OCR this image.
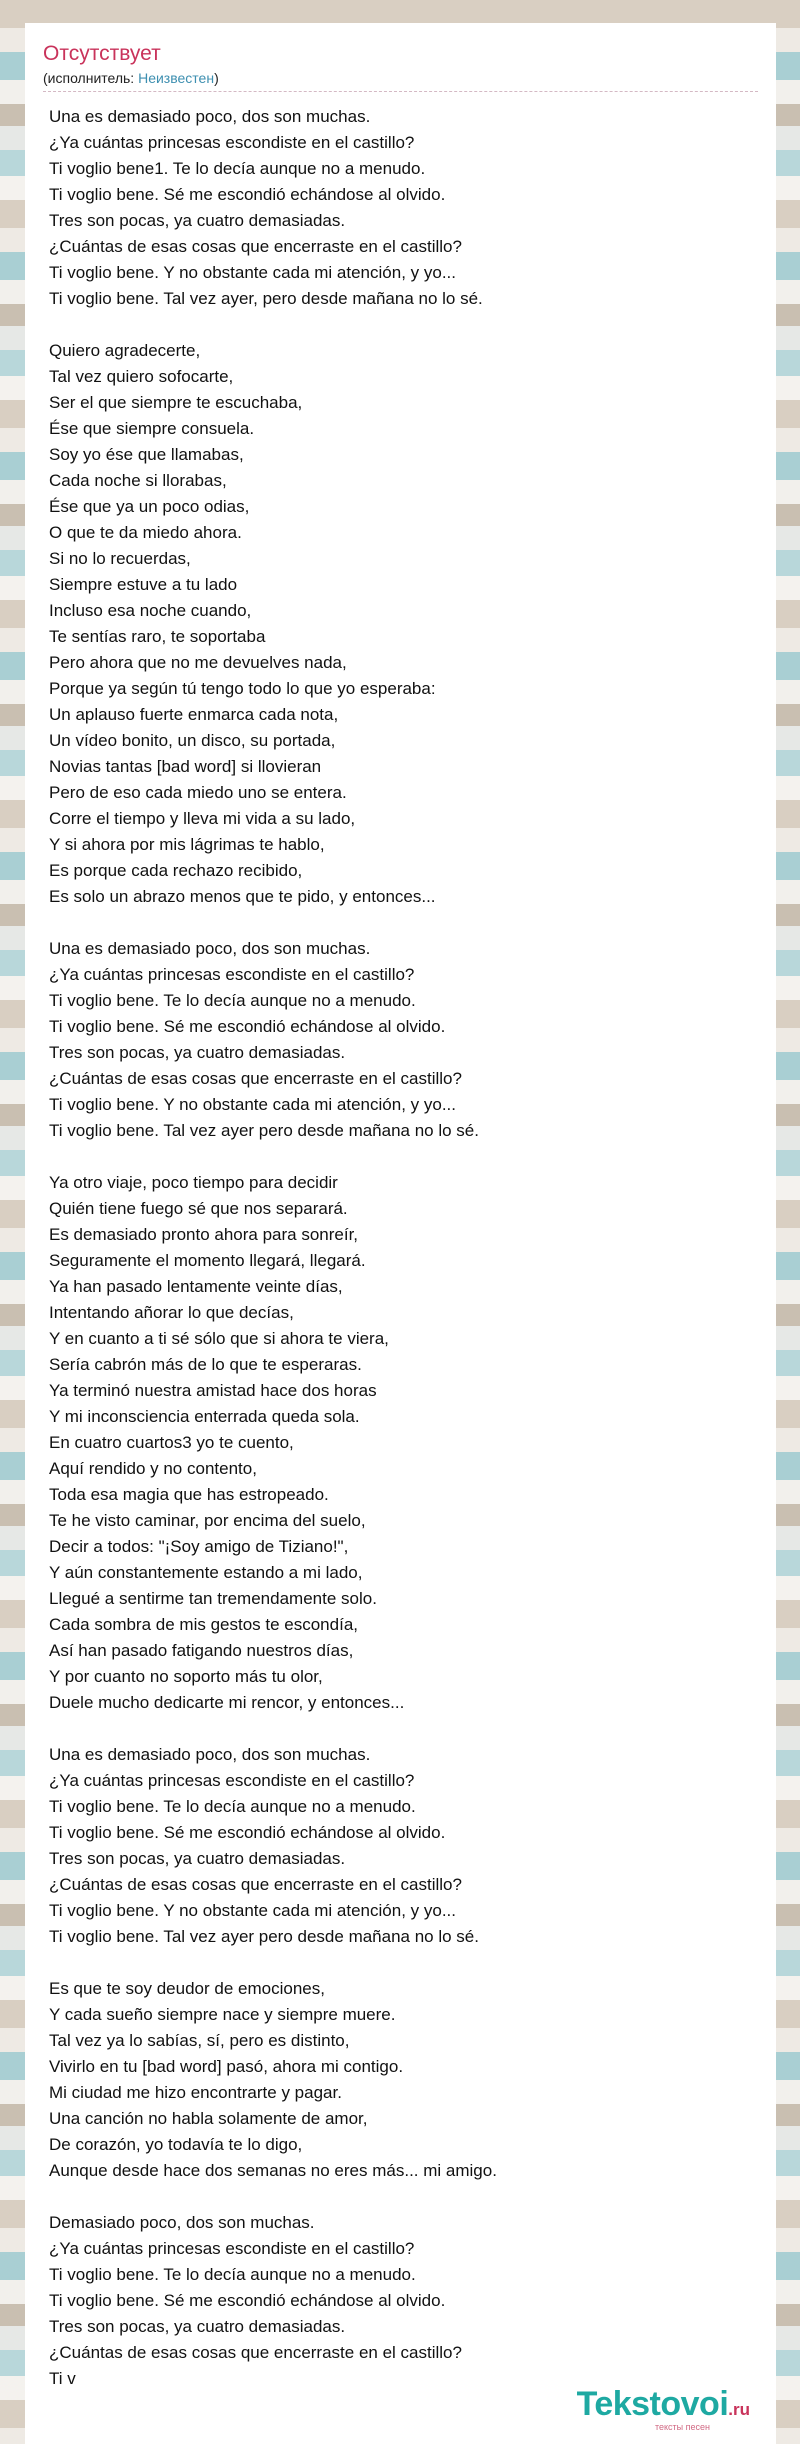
Отсутствует
(исполнитель: Неизвестен)
Una es demasiado poco, dos son muchas.
¿Ya cuántas princesas escondiste en el castillo?
Ti voglio bene1. Te lo decía aunque no a menudo.
Ti voglio bene. Sé me escondió echándose al olvido.
Tres son pocas, ya cuatro demasiadas.
¿Cuántas de esas cosas que encerraste en el castillo?
Ti voglio bene. Y no obstante cada mi atención, y yo...
Ti voglio bene. Tal vez ayer, pero desde mañana no lo sé.
Quiero agradecerte,
Tal vez quiero sofocarte,
Ser el que siempre te escuchaba,
Ése que siempre consuela.
Soy yo ése que llamabas,
Cada noche si llorabas,
Ése que ya un poco odias,
O que te da miedo ahora.
Si no lo recuerdas,
Siempre estuve a tu lado
Incluso esa noche cuando,
Te sentías raro, te soportaba
Pero ahora que no me devuelves nada,
Porque ya según tú tengo todo lo que yo esperaba:
Un aplauso fuerte enmarca cada nota,
Un vídeo bonito, un disco, su portada,
Novias tantas [bad word] si llovieran
Pero de eso cada miedo uno se entera.
Corre el tiempo y lleva mi vida a su lado,
Y si ahora por mis lágrimas te hablo,
Es porque cada rechazo recibido,
Es solo un abrazo menos que te pido, y entonces...
Una es demasiado poco, dos son muchas.
¿Ya cuántas princesas escondiste en el castillo?
Ti voglio bene. Te lo decía aunque no a menudo.
Ti voglio bene. Sé me escondió echándose al olvido.
Tres son pocas, ya cuatro demasiadas.
¿Cuántas de esas cosas que encerraste en el castillo?
Ti voglio bene. Y no obstante cada mi atención, y yo...
Ti voglio bene. Tal vez ayer pero desde mañana no lo sé.
Ya otro viaje, poco tiempo para decidir
Quién tiene fuego sé que nos separará.
Es demasiado pronto ahora para sonreír,
Seguramente el momento llegará, llegará.
Ya han pasado lentamente veinte días,
Intentando añorar lo que decías,
Y en cuanto a ti sé sólo que si ahora te viera,
Sería cabrón más de lo que te esperaras.
Ya terminó nuestra amistad hace dos horas
Y mi inconsciencia enterrada queda sola.
En cuatro cuartos3 yo te cuento,
Aquí rendido y no contento,
Toda esa magia que has estropeado.
Te he visto caminar, por encima del suelo,
Decir a todos: "¡Soy amigo de Tiziano!",
Y aún constantemente estando a mi lado,
Llegué a sentirme tan tremendamente solo.
Cada sombra de mis gestos te escondía,
Así han pasado fatigando nuestros días,
Y por cuanto no soporto más tu olor,
Duele mucho dedicarte mi rencor, y entonces...
Una es demasiado poco, dos son muchas.
¿Ya cuántas princesas escondiste en el castillo?
Ti voglio bene. Te lo decía aunque no a menudo.
Ti voglio bene. Sé me escondió echándose al olvido.
Tres son pocas, ya cuatro demasiadas.
¿Cuántas de esas cosas que encerraste en el castillo?
Ti voglio bene. Y no obstante cada mi atención, y yo...
Ti voglio bene. Tal vez ayer pero desde mañana no lo sé.
Es que te soy deudor de emociones,
Y cada sueño siempre nace y siempre muere.
Tal vez ya lo sabías, sí, pero es distinto,
Vivirlo en tu [bad word] pasó, ahora mi contigo.
Mi ciudad me hizo encontrarte y pagar.
Una canción no habla solamente de amor,
De corazón, yo todavía te lo digo,
Aunque desde hace dos semanas no eres más... mi amigo.
Demasiado poco, dos son muchas.
¿Ya cuántas princesas escondiste en el castillo?
Ti voglio bene. Te lo decía aunque no a menudo.
Ti voglio bene. Sé me escondió echándose al olvido.
Tres son pocas, ya cuatro demasiadas.
¿Cuántas de esas cosas que encerraste en el castillo?
Ti v
Tekstovoi.ru
тексты песен
